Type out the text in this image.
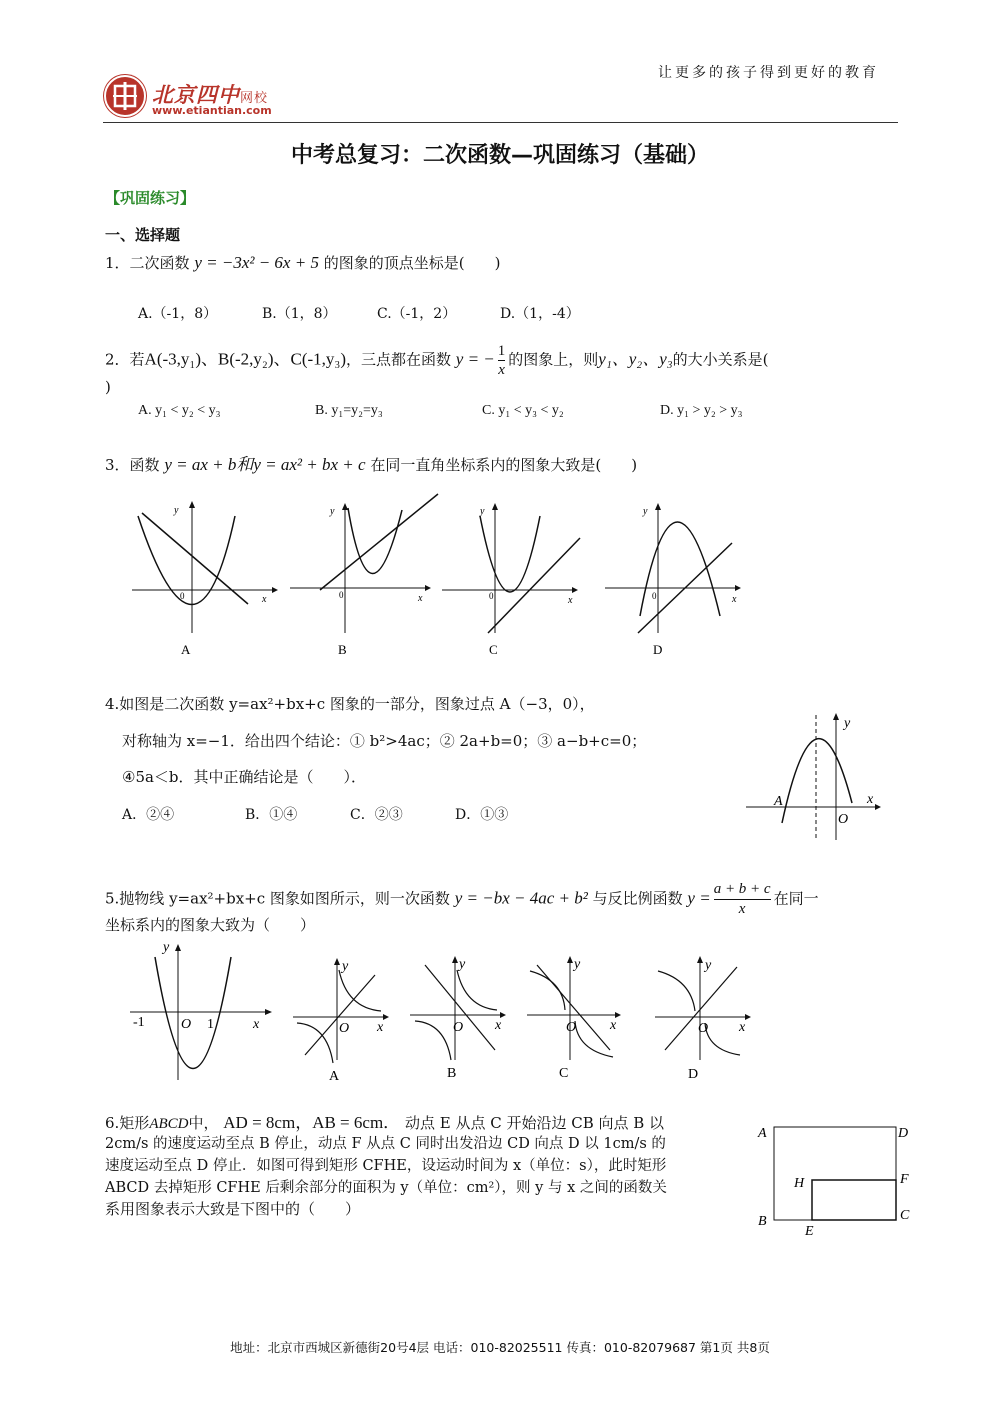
北京四中网校
www.etiantian.com
让更多的孩子得到更好的教育
中考总复习：二次函数—巩固练习（基础）
【巩固练习】
一、选择题
1．二次函数 y = −3x² − 6x + 5 的图象的顶点坐标是(　　)
A.（-1，8）	B.（1，8）	C.（-1，2）	D.（1，-4）
2．若A(-3,y₁)、B(-2,y₂)、C(-1,y₃)，三点都在函数 y = − $\frac{1}{x}$ 的图象上，则y₁、y₂、y₃的大小关系是(
)
A. y₁ < y₂ < y₃	B. y₁=y₂=y₃	C. y₁ < y₃ < y₂	D. y₁ > y₂ > y₃
3．函数 y = ax + b和y = ax² + bx + c 在同一直角坐标系内的图象大致是(　　)
0	x
y
A
0	x
y
B
0	x
y
C
0	x
y
D
4.如图是二次函数 y=ax²+bx+c 图象的一部分，图象过点 A（−3，0），
对称轴为 x=−1．给出四个结论：① b²>4ac；② 2a+b=0；③ a−b+c=0；
④5a＜b．其中正确结论是（　　）．
A．②④	B．①④	C．②③	D．①③
y
x
A
O
5.抛物线 y=ax²+bx+c 图象如图所示，则一次函数 y = −bx − 4ac + b² 与反比例函数 $y = \frac{a + b + c}{x}$ 在同一
坐标系内的图象大致为（　　）
-1	O 1	x
y
O x
y
A
O x
y
B
O x
y
C
O x
y
D
6.矩形ABCD中， AD = 8cm，AB = 6cm． 动点 E 从点 C 开始沿边 CB 向点 B 以
2cm/s 的速度运动至点 B 停止，动点 F 从点 C 同时出发沿边 CD 向点 D 以 1cm/s 的
速度运动至点 D 停止．如图可得到矩形 CFHE，设运动时间为 x（单位：s），此时矩形
ABCD 去掉矩形 CFHE 后剩余部分的面积为 y（单位：cm²），则 y 与 x 之间的函数关
系用图象表示大致是下图中的（　　）
A	D
F
H
B
E
C
地址：北京市西城区新德街20号4层 电话：010-82025511 传真：010-82079687 第1页 共8页
